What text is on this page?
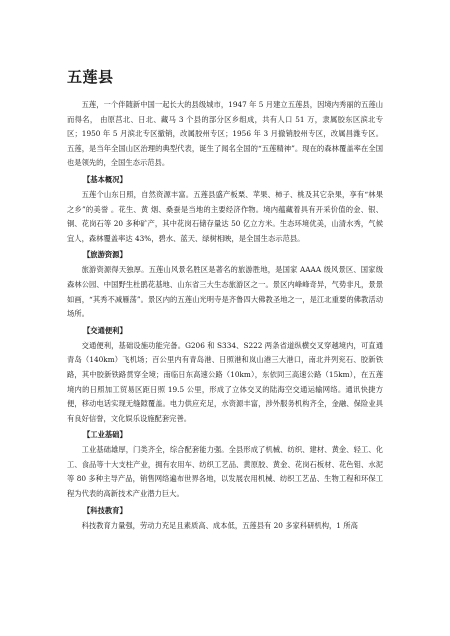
五莲县

五莲，一个伴随新中国一起长大的县级城市，1947 年 5 月建立五莲县，因境内秀丽的五莲山而得名， 由原莒北、日北、藏马 3 个县的部分区乡组成，共有人口 51 万，隶属胶东区滨北专区；1950 年 5 月滨北专区撤销，改属胶州专区；1956 年 3 月撤销胶州专区，改属昌潍专区。 五莲，是当年全国山区治理的典型代表，诞生了闻名全国的“五莲精神”。现在的森林覆盖率在全国也是领先的，全国生态示范县。

【基本概况】

五莲个山东日照，自然资源丰富。五莲县盛产板栗、苹果、柿子、桃及其它杂果，享有“林果之乡”的美誉 。花生、黄 烟、桑蚕是当地的主要经济作物。境内蕴藏着具有开采价值的金、银、铜、花岗石等 20 多种矿产，其中花岗石储存量达 50 亿立方米。生态环境优美，山清水秀，气候宜人，森林覆盖率达 43%，碧水、蓝天、绿树相映，是全国生态示范县。

【旅游资源】

旅游资源得天独厚。五莲山风景名胜区是著名的旅游胜地，是国家 AAAA 级风景区、国家级森林公园、中国野生杜鹃花基地、山东省三大生态旅游区之一。景区内峰峰奇异，气势非凡，景景如画，“其秀不减雁荡”。景区内的五莲山光明寺是齐鲁四大佛教圣地之一，是江北重要的佛教活动场所。

【交通便利】

交通便利，基础设施功能完备。G206 和 S334、S222 两条省道纵横交叉穿越境内，可直通青岛（140km）飞机场；百公里内有青岛港、日照港和岚山港三大港口，南北并列兖石、胶新铁路，其中胶新铁路贯穿全境；南临日东高速公路（10km），东依同三高速公路（15km），在五莲境内的日照加工贸易区距日照 19.5 公里，形成了立体交叉的陆海空交通运输网络。通讯快捷方便，移动电话实现无缝隙覆盖。电力供应充足，水资源丰富，涉外服务机构齐全，金融、保险业具有良好信誉，文化娱乐设施配套完善。

【工业基础】

工业基础雄厚，门类齐全，综合配套能力强。全县形成了机械、纺织、建材、黄金、轻工、化工、食品等十大支柱产业，拥有农用车、纺织工艺品、黄原胶、黄金、花岗石板材、花色钼、水泥等 80 多种主导产品，销售网络遍布世界各地，以发展农用机械、纺织工艺品、生物工程和环保工程为代表的高新技术产业潜力巨大。

【科技教育】

科技教育力量强，劳动力充足且素质高、成本低，五莲县有 20 多家科研机构，1 所高
